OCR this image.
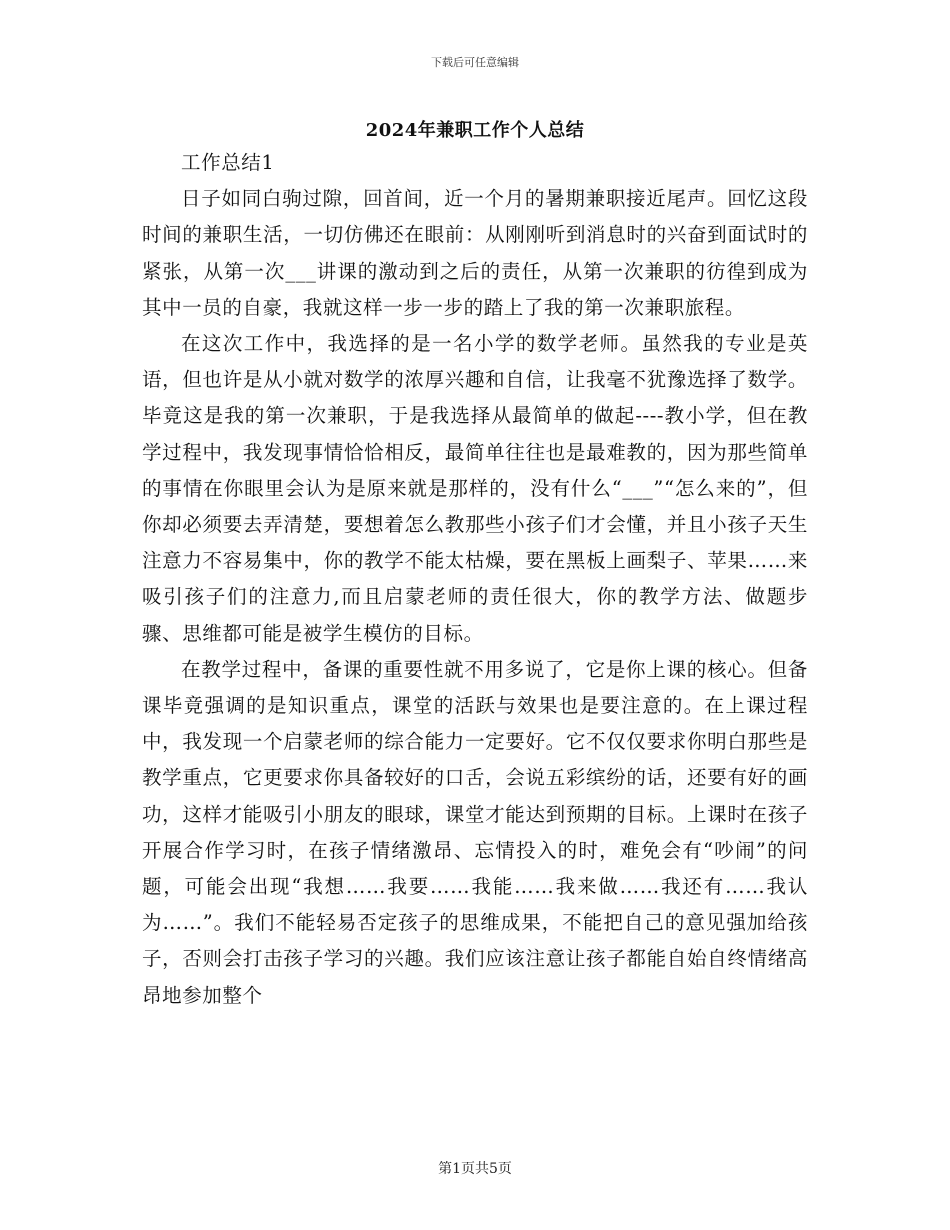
下载后可任意编辑
2024年兼职工作个人总结

工作总结1

日子如同白驹过隙，回首间，近一个月的暑期兼职接近尾声。回忆这段时间的兼职生活，一切仿佛还在眼前：从刚刚听到消息时的兴奋到面试时的紧张，从第一次___讲课的激动到之后的责任，从第一次兼职的彷徨到成为其中一员的自豪，我就这样一步一步的踏上了我的第一次兼职旅程。

在这次工作中，我选择的是一名小学的数学老师。虽然我的专业是英语，但也许是从小就对数学的浓厚兴趣和自信，让我毫不犹豫选择了数学。毕竟这是我的第一次兼职，于是我选择从最简单的做起----教小学，但在教学过程中，我发现事情恰恰相反，最简单往往也是最难教的，因为那些简单的事情在你眼里会认为是原来就是那样的，没有什么“___”“怎么来的”，但你却必须要去弄清楚，要想着怎么教那些小孩子们才会懂，并且小孩子天生注意力不容易集中，你的教学不能太枯燥，要在黑板上画梨子、苹果……来吸引孩子们的注意力,而且启蒙老师的责任很大，你的教学方法、做题步骤、思维都可能是被学生模仿的目标。

在教学过程中，备课的重要性就不用多说了，它是你上课的核心。但备课毕竟强调的是知识重点，课堂的活跃与效果也是要注意的。在上课过程中，我发现一个启蒙老师的综合能力一定要好。它不仅仅要求你明白那些是教学重点，它更要求你具备较好的口舌，会说五彩缤纷的话，还要有好的画功，这样才能吸引小朋友的眼球，课堂才能达到预期的目标。上课时在孩子开展合作学习时，在孩子情绪激昂、忘情投入的时，难免会有“吵闹”的问题，可能会出现“我想……我要……我能……我来做……我还有……我认为……”。我们不能轻易否定孩子的思维成果，不能把自己的意见强加给孩子，否则会打击孩子学习的兴趣。我们应该注意让孩子都能自始自终情绪高昂地参加整个

第1页共5页
